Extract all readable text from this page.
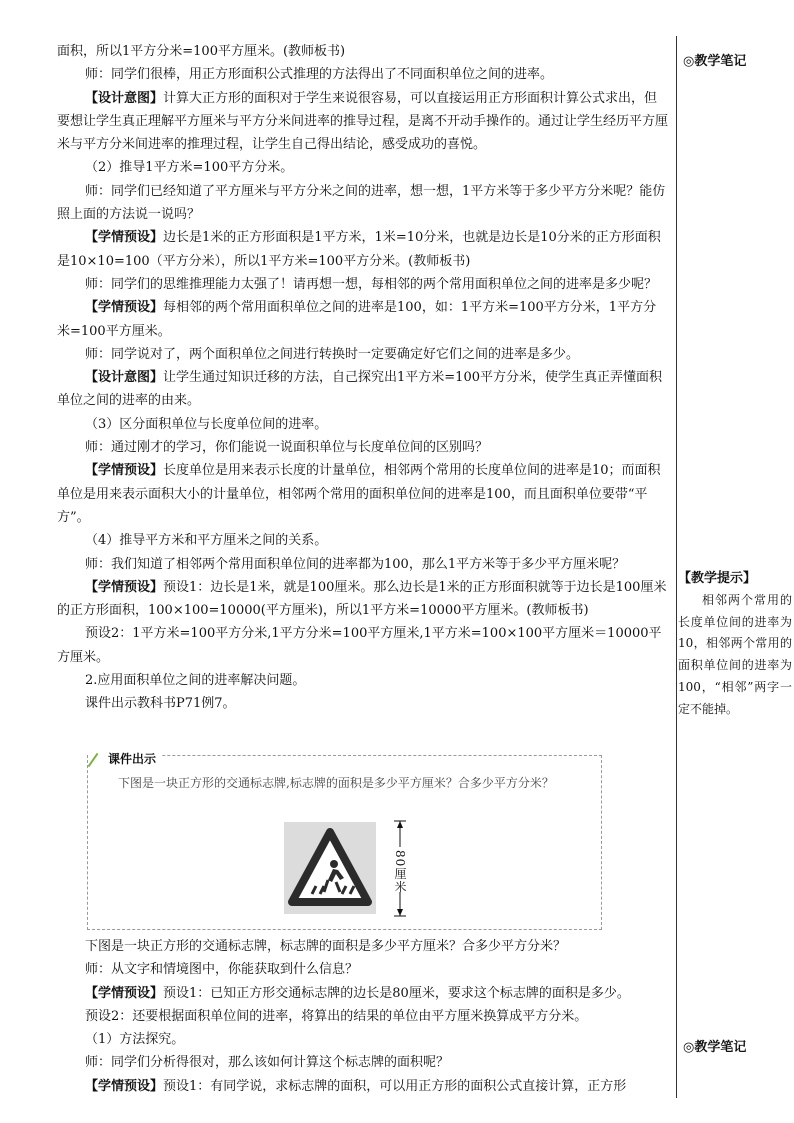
面积，所以1平方分米=100平方厘米。(教师板书)

师：同学们很棒，用正方形面积公式推理的方法得出了不同面积单位之间的进率。

【设计意图】计算大正方形的面积对于学生来说很容易，可以直接运用正方形面积计算公式求出，但要想让学生真正理解平方厘米与平方分米间进率的推导过程，是离不开动手操作的。通过让学生经历平方厘米与平方分米间进率的推理过程，让学生自己得出结论，感受成功的喜悦。

（2）推导1平方米=100平方分米。

师：同学们已经知道了平方厘米与平方分米之间的进率，想一想，1平方米等于多少平方分米呢？能仿照上面的方法说一说吗？

【学情预设】边长是1米的正方形面积是1平方米，1米=10分米，也就是边长是10分米的正方形面积是10×10=100（平方分米），所以1平方米=100平方分米。(教师板书)

师：同学们的思维推理能力太强了！请再想一想，每相邻的两个常用面积单位之间的进率是多少呢？

【学情预设】每相邻的两个常用面积单位之间的进率是100，如：1平方米=100平方分米，1平方分米=100平方厘米。

师：同学说对了，两个面积单位之间进行转换时一定要确定好它们之间的进率是多少。

【设计意图】让学生通过知识迁移的方法，自己探究出1平方米=100平方分米，使学生真正弄懂面积单位之间的进率的由来。

（3）区分面积单位与长度单位间的进率。

师：通过刚才的学习，你们能说一说面积单位与长度单位间的区别吗？

【学情预设】长度单位是用来表示长度的计量单位，相邻两个常用的长度单位间的进率是10；而面积单位是用来表示面积大小的计量单位，相邻两个常用的面积单位间的进率是100，而且面积单位要带“平方”。

（4）推导平方米和平方厘米之间的关系。

师：我们知道了相邻两个常用面积单位间的进率都为100，那么1平方米等于多少平方厘米呢？

【学情预设】预设1：边长是1米，就是100厘米。那么边长是1米的正方形面积就等于边长是100厘米的正方形面积，100×100=10000(平方厘米)，所以1平方米=10000平方厘米。(教师板书)

预设2：1平方米=100平方分米,1平方分米=100平方厘米,1平方米=100×100平方厘米＝10000平方厘米。

2.应用面积单位之间的进率解决问题。

课件出示教科书P71例7。

课件出示
下图是一块正方形的交通标志牌,标志牌的面积是多少平方厘米？合多少平方分米？
80厘米

下图是一块正方形的交通标志牌，标志牌的面积是多少平方厘米？合多少平方分米？

师：从文字和情境图中，你能获取到什么信息？

【学情预设】预设1：已知正方形交通标志牌的边长是80厘米，要求这个标志牌的面积是多少。

预设2：还要根据面积单位间的进率，将算出的结果的单位由平方厘米换算成平方分米。

（1）方法探究。

师：同学们分析得很对，那么该如何计算这个标志牌的面积呢？

【学情预设】预设1：有同学说，求标志牌的面积，可以用正方形的面积公式直接计算，正方形

◎教学笔记
【教学提示】
相邻两个常用的长度单位间的进率为10，相邻两个常用的面积单位间的进率为100，“相邻”两字一定不能掉。
◎教学笔记
